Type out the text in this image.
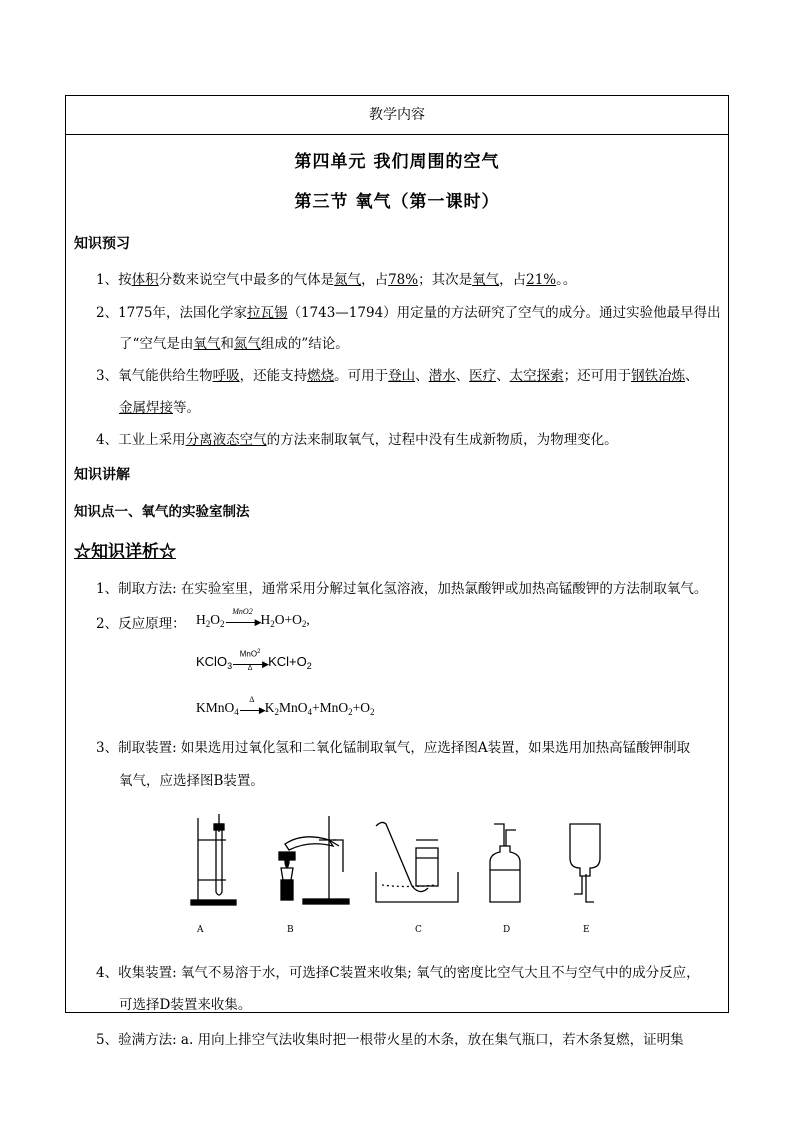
教学内容
第四单元 我们周围的空气
第三节 氧气（第一课时）
知识预习
1、按体积分数来说空气中最多的气体是氮气，占78%；其次是氧气，占21%。。
2、1775年，法国化学家拉瓦锡（1743—1794）用定量的方法研究了空气的成分。通过实验他最早得出
了“空气是由氧气和氮气组成的”结论。
3、氧气能供给生物呼吸，还能支持燃烧。可用于登山、潜水、医疗、太空探索；还可用于钢铁冶炼、
金属焊接等。
4、工业上采用分离液态空气的方法来制取氧气，过程中没有生成新物质，为物理变化。
知识讲解
知识点一、氧气的实验室制法
☆知识详析☆
1、制取方法: 在实验室里，通常采用分解过氧化氢溶液，加热氯酸钾或加热高锰酸钾的方法制取氧气。
2、反应原理： $H_2O_2$
MnO2
▶ $H_2O+O_2$,
KClO$_3$
MnO$^2$
▶
Δ	$KCl+O_2$
KMnO$_4$
Δ
▶ $K_2MnO_4+MnO_2+O_2$
3、制取装置: 如果选用过氧化氢和二氧化锰制取氧气，应选择图A装置，如果选用加热高锰酸钾制取
氧气，应选择图B装置。
A	B	C	D	E
4、收集装置: 氧气不易溶于水，可选择C装置来收集; 氧气的密度比空气大且不与空气中的成分反应，
可选择D装置来收集。
5、验满方法: a. 用向上排空气法收集时把一根带火星的木条，放在集气瓶口，若木条复燃，证明集
